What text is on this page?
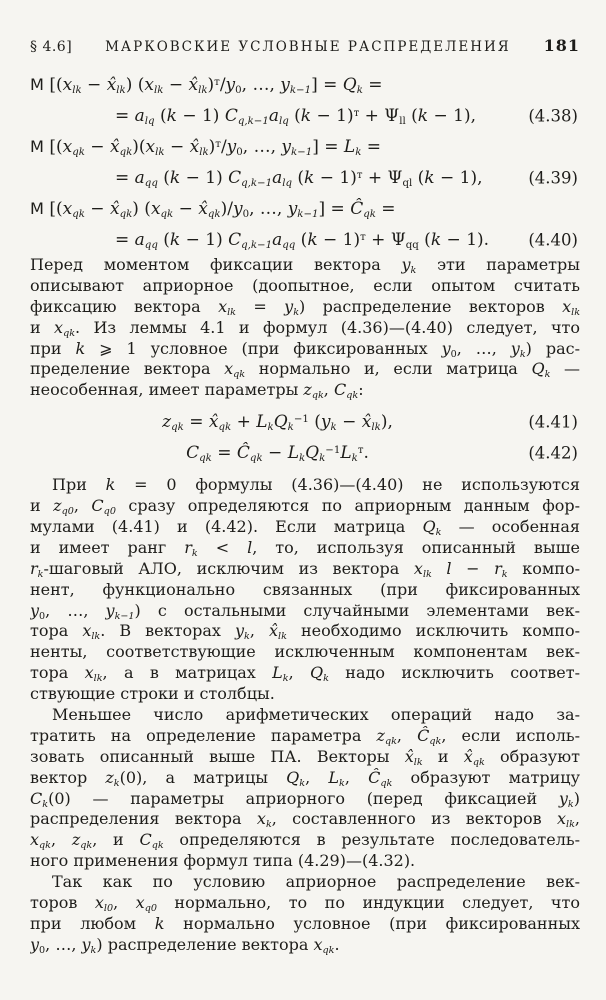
§ 4.6] МАРКОВСКИЕ УСЛОВНЫЕ РАСПРЕДЕЛЕНИЯ 181
M [($x_{lk}$ − $x̂_{lk}$) ($x_{lk}$ − $x̂_{lk})^т/y_0$, …, $y_{k-1}] = Q_k$ =
= $a_{lq}$ (k − 1) $C_{q,k-1}a_{lq}$ $(k - 1)^т + \Psi_{ll}$ (k − 1),	(4.38)
M [($x_{qk}$ − $x̂_{qk})(x_{lk}$ − $x̂_{lk})^т/y_0$, …, $y_{k-1}] = L_k$ =
= $a_{qq}$ (k − 1) $C_{q,k-1}a_{lq}$ $(k - 1)^т + \Psi_{ql}$ (k − 1),	(4.39)
M [($x_{qk}$ − $x̂_{qk}$) ($x_{qk}$ − $x̂_{qk})/y_0$, …, $y_{k-1}$] = $Ĉ_{qk}$ =
= $a_{qq}$ (k − 1) $C_{q,k-1}a_{qq}$ $(k - 1)^т + \Psi_{qq}$ (k − 1). (4.40)
Перед моментом фиксации вектора $y_k$ эти параметры
описывают априорное (доопытное, если опытом считать
фиксацию вектора $x_{lk} = y_k$) распределение векторов $x_{lk}$
и $x_{qk}$. Из леммы 4.1 и формул (4.36)—(4.40) следует, что
при k ⩾ 1 условное (при фиксированных $y_0$, …, $y_k$) рас-
пределение вектора $x_{qk}$ нормально и, если матрица $Q_k$ —
неособенная, имеет параметры $z_{qk}$, $C_{qk}$:
$z_{qk}$ = $x̂_{qk} + L_kQ_k^{-1}$ ($y_k$ − $x̂_{lk}$),	(4.41)
$C_{qk}$ = $Ĉ_{qk} - L_kQ_k^{-1}L_k^т$.	(4.42)
При k = 0 формулы (4.36)—(4.40) не используются
и $z_{q0}$, $C_{q0}$ сразу определяются по априорным данным фор-
мулами (4.41) и (4.42). Если матрица $Q_k$ — особенная
и имеет ранг $r_k < l$, то, используя описанный выше
$r_k$-шаговый АЛО, исключим из вектора $x_{lk}$ $l - r_k$ компо-
нент, функционально связанных (при фиксированных
$y_0$, …, $y_{k-1}$) с остальными случайными элементами век-
тора $x_{lk}$. В векторах $y_k$, $x̂_{lk}$ необходимо исключить компо-
ненты, соответствующие исключенным компонентам век-
тора $x_{lk}$, а в матрицах $L_k$, $Q_k$ надо исключить соответ-
ствующие строки и столбцы.
Меньшее число арифметических операций надо за-
тратить на определение параметра $z_{qk}$, $Ĉ_{qk}$, если исполь-
зовать описанный выше ПА. Векторы $x̂_{lk}$ и $x̂_{qk}$ образуют
вектор $z_k(0)$, а матрицы $Q_k$, $L_k$, $Ĉ_{qk}$ образуют матрицу
$C_k(0)$ — параметры априорного (перед фиксацией $y_k$)
распределения вектора $x_k$, составленного из векторов $x_{lk}$,
$x_{qk}$, $z_{qk}$, и $C_{qk}$ определяются в результате последователь-
ного применения формул типа (4.29)—(4.32).
Так как по условию априорное распределение век-
торов $x_{l0}$, $x_{q0}$ нормально, то по индукции следует, что
при любом k нормально условное (при фиксированных
$y_0$, …, $y_k$) распределение вектора $x_{qk}$.
